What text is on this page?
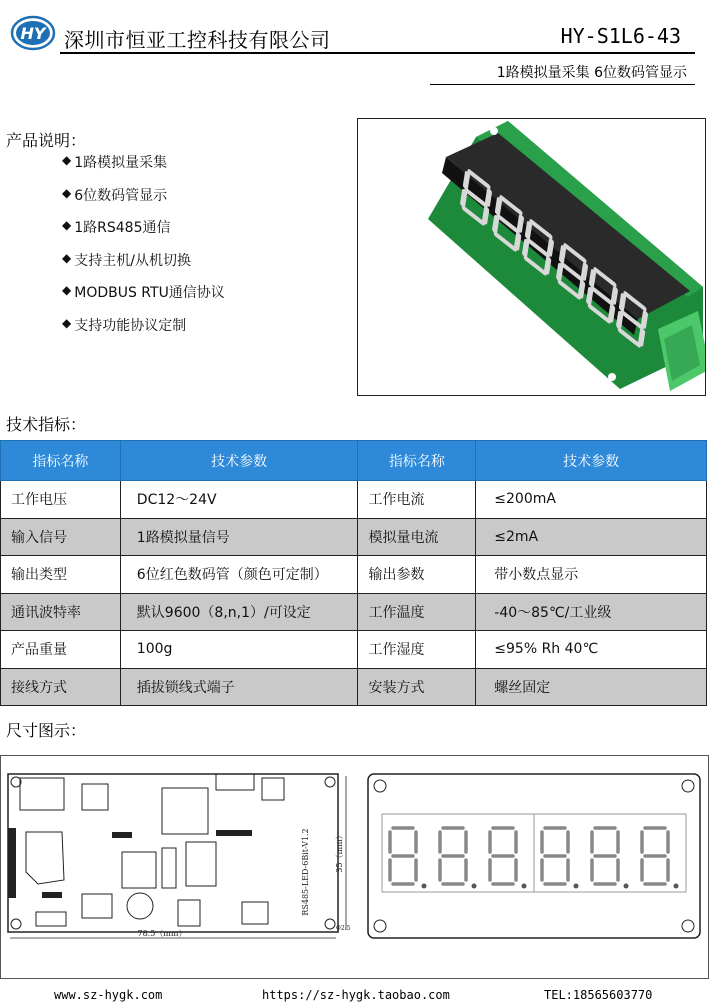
HY 深圳市恒亚工控科技有限公司	HY-S1L6-43
1路模拟量采集 6位数码管显示
产品说明：
◆ 1路模拟量采集
◆ 6位数码管显示
◆ 1路RS485通信
◆ 支持主机/从机切换
◆ MODBUS RTU通信协议
◆ 支持功能协议定制
技术指标：
指标名称	技术参数	指标名称	技术参数
工作电压	DC12～24V	工作电流	≤200mA
输入信号	1路模拟量信号	模拟量电流	≤2mA
输出类型	6位红色数码管（颜色可定制）	输出参数	带小数点显示
通讯波特率	默认9600（8,n,1）/可设定	工作温度	-40～85℃/工业级
产品重量	100g	工作湿度	≤95% Rh 40℃
接线方式	插拔锁线式端子	安装方式	螺丝固定
尺寸图示：
RS485-LED-6Bit-V1.2
78.5（mm）
35（mm）
Φ2.5
www.sz-hygk.com	https://sz-hygk.taobao.com	TEL:18565603770
